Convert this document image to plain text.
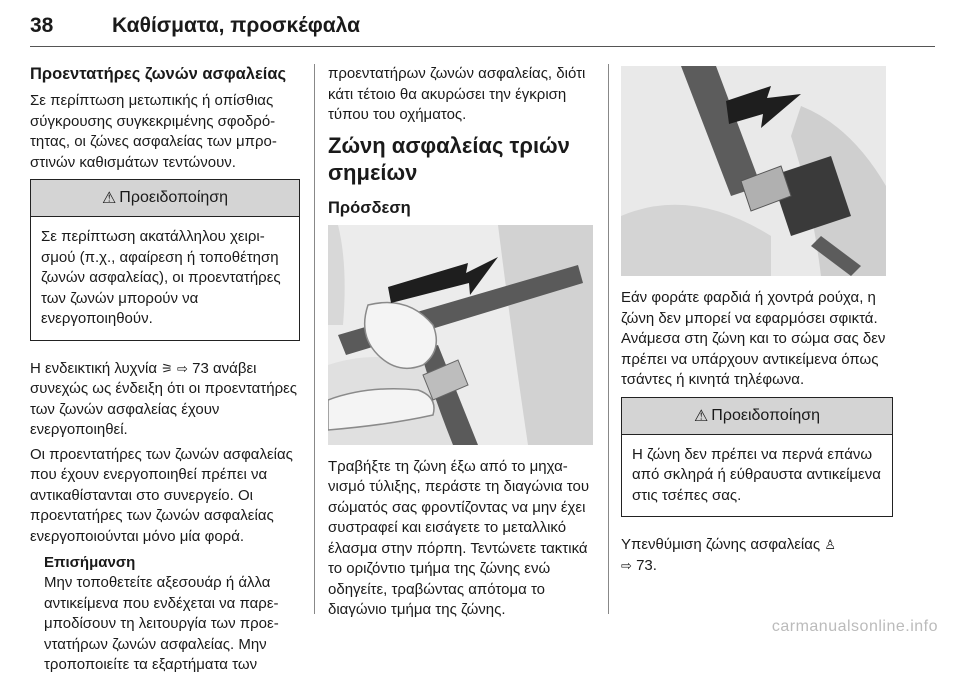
38	Καθίσματα, προσκέφαλα
Προεντατήρες ζωνών ασφαλείας

Σε περίπτωση μετωπικής ή οπίσθιας σύγκρουσης συγκεκριμένης σφοδρότητας, οι ζώνες ασφαλείας των μπροστινών καθισμάτων τεντώνουν.

⚠ Προειδοποίηση
Σε περίπτωση ακατάλληλου χειρισμού (π.χ., αφαίρεση ή τοποθέτηση ζωνών ασφαλείας), οι προεντατήρες των ζωνών μπορούν να ενεργοποιηθούν.

Η ενδεικτική λυχνία ⚞ ⇨ 73 ανάβει συνεχώς ως ένδειξη ότι οι προεντατήρες των ζωνών ασφαλείας έχουν ενεργοποιηθεί.

Οι προεντατήρες των ζωνών ασφαλείας που έχουν ενεργοποιηθεί πρέπει να αντικαθίστανται στο συνεργείο. Οι προεντατήρες των ζωνών ασφαλείας ενεργοποιούνται μόνο μία φορά.

Επισήμανση

Μην τοποθετείτε αξεσουάρ ή άλλα αντικείμενα που ενδέχεται να παρεμποδίσουν τη λειτουργία των προεντατήρων ζωνών ασφαλείας. Μην τροποποιείτε τα εξαρτήματα των

προεντατήρων ζωνών ασφαλείας, διότι κάτι τέτοιο θα ακυρώσει την έγκριση τύπου του οχήματος.

Ζώνη ασφαλείας τριών σημείων
Πρόσδεση

Τραβήξτε τη ζώνη έξω από το μηχανισμό τύλιξης, περάστε τη διαγώνια του σώματός σας φροντίζοντας να μην έχει συστραφεί και εισάγετε το μεταλλικό έλασμα στην πόρπη. Τεντώνετε τακτικά το οριζόντιο τμήμα της ζώνης ενώ οδηγείτε, τραβώντας απότομα το διαγώνιο τμήμα της ζώνης.

Εάν φοράτε φαρδιά ή χοντρά ρούχα, η ζώνη δεν μπορεί να εφαρμόσει σφικτά. Ανάμεσα στη ζώνη και το σώμα σας δεν πρέπει να υπάρχουν αντικείμενα όπως τσάντες ή κινητά τηλέφωνα.

⚠ Προειδοποίηση
Η ζώνη δεν πρέπει να περνά επάνω από σκληρά ή εύθραυστα αντικείμενα στις τσέπες σας.

Υπενθύμιση ζώνης ασφαλείας ♙
⇨ 73.

carmanualsonline.info
